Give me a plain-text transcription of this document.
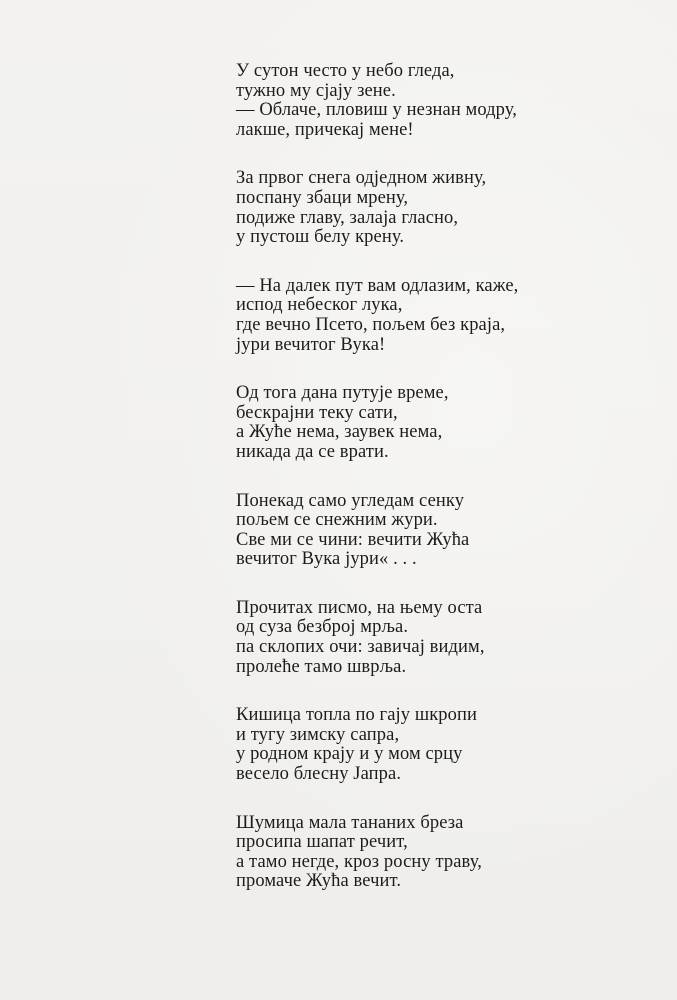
У сутон често у небо гледа,
тужно му сјају зене.
— Облаче, пловиш у незнан модру,
лакше, причекај мене!
За првог снега одједном живну,
поспану збаци мрену,
подиже главу, залаја гласно,
у пустош белу крену.
— На далек пут вам одлазим, каже,
испод небеског лука,
где вечно Псето, пољем без краја,
јури вечитог Вука!
Од тога дана путује време,
бескрајни теку сати,
а Жуће нема, заувек нема,
никада да се врати.
Понекад само угледам сенку
пољем се снежним жури.
Све ми се чини: вечити Жућа
вечитог Вука јури« . . .
Прочитах писмо, на њему оста
од суза безброј мрља.
па склопих очи: завичај видим,
пролеће тамо шврља.
Кишица топла по гају шкропи
и тугу зимску сапра,
у родном крају и у мом срцу
весело блесну Јапра.
Шумица мала тананих бреза
просипа шапат речит,
а тамо негде, кроз росну траву,
промаче Жућа вечит.
